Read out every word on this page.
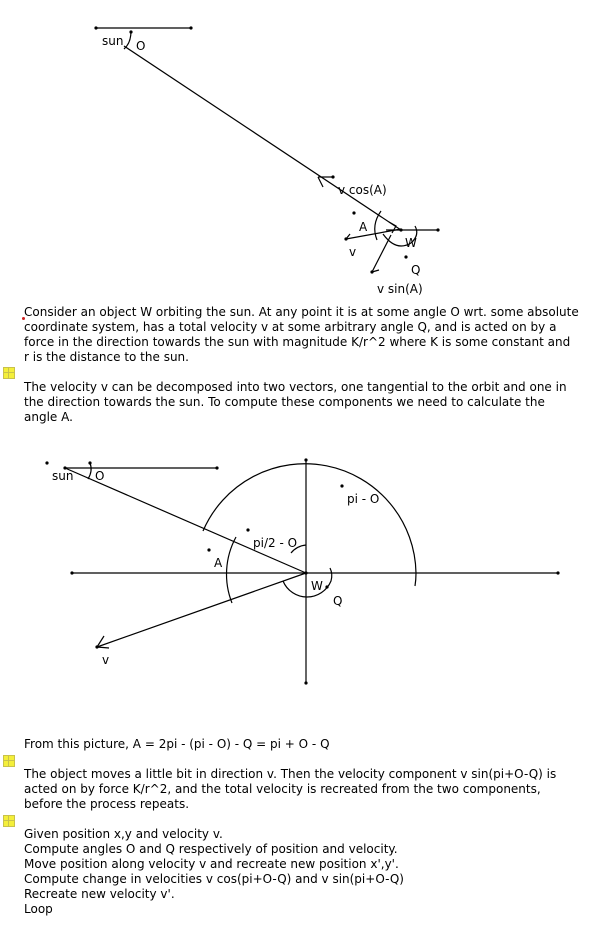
sun O
v cos(A)
A
W
v
Q
v sin(A)

Consider an object W orbiting the sun. At any point it is at some angle O wrt. some absolute
coordinate system, has a total velocity v at some arbitrary angle Q, and is acted on by a
force in the direction towards the sun with magnitude K/r^2 where K is some constant and
r is the distance to the sun.

The velocity v can be decomposed into two vectors, one tangential to the orbit and one in
the direction towards the sun. To compute these components we need to calculate the
angle A.

sun O
pi - O
pi/2 - O
A
W
Q
v

From this picture, A = 2pi - (pi - O) - Q = pi + O - Q

The object moves a little bit in direction v. Then the velocity component v sin(pi+O-Q) is
acted on by force K/r^2, and the total velocity is recreated from the two components,
before the process repeats.

Given position x,y and velocity v.
Compute angles O and Q respectively of position and velocity.
Move position along velocity v and recreate new position x',y'.
Compute change in velocities v cos(pi+O-Q) and v sin(pi+O-Q)
Recreate new velocity v'.
Loop
